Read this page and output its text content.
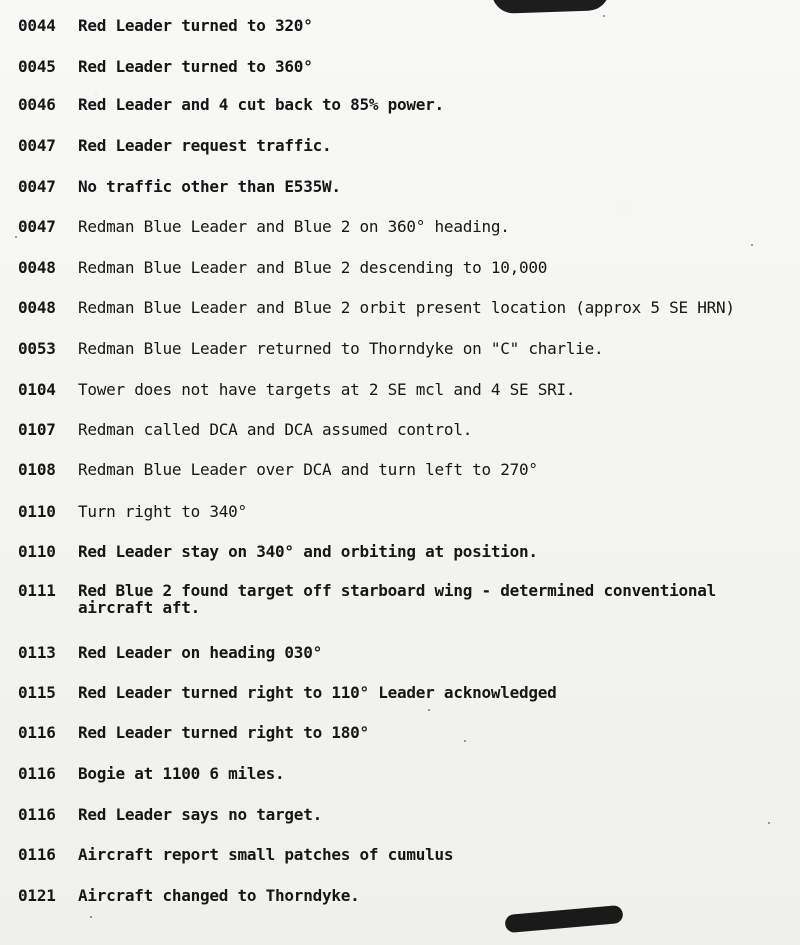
0044 Red Leader turned to 320°
0045 Red Leader turned to 360°
0046 Red Leader and 4 cut back to 85% power.
0047 Red Leader request traffic.
0047 No traffic other than E535W.
0047 Redman Blue Leader and Blue 2 on 360° heading.
0048 Redman Blue Leader and Blue 2 descending to 10,000
0048 Redman Blue Leader and Blue 2 orbit present location (approx 5 SE HRN)
0053 Redman Blue Leader returned to Thorndyke on "C" charlie.
0104 Tower does not have targets at 2 SE mcl and 4 SE SRI.
0107 Redman called DCA and DCA assumed control.
0108 Redman Blue Leader over DCA and turn left to 270°
0110 Turn right to 340°
0110 Red Leader stay on 340° and orbiting at position.
0111 Red Blue 2 found target off starboard wing - determined conventional
aircraft aft.
0113 Red Leader on heading 030°
0115 Red Leader turned right to 110° Leader acknowledged
0116 Red Leader turned right to 180°
0116 Bogie at 1100 6 miles.
0116 Red Leader says no target.
0116 Aircraft report small patches of cumulus
0121 Aircraft changed to Thorndyke.
